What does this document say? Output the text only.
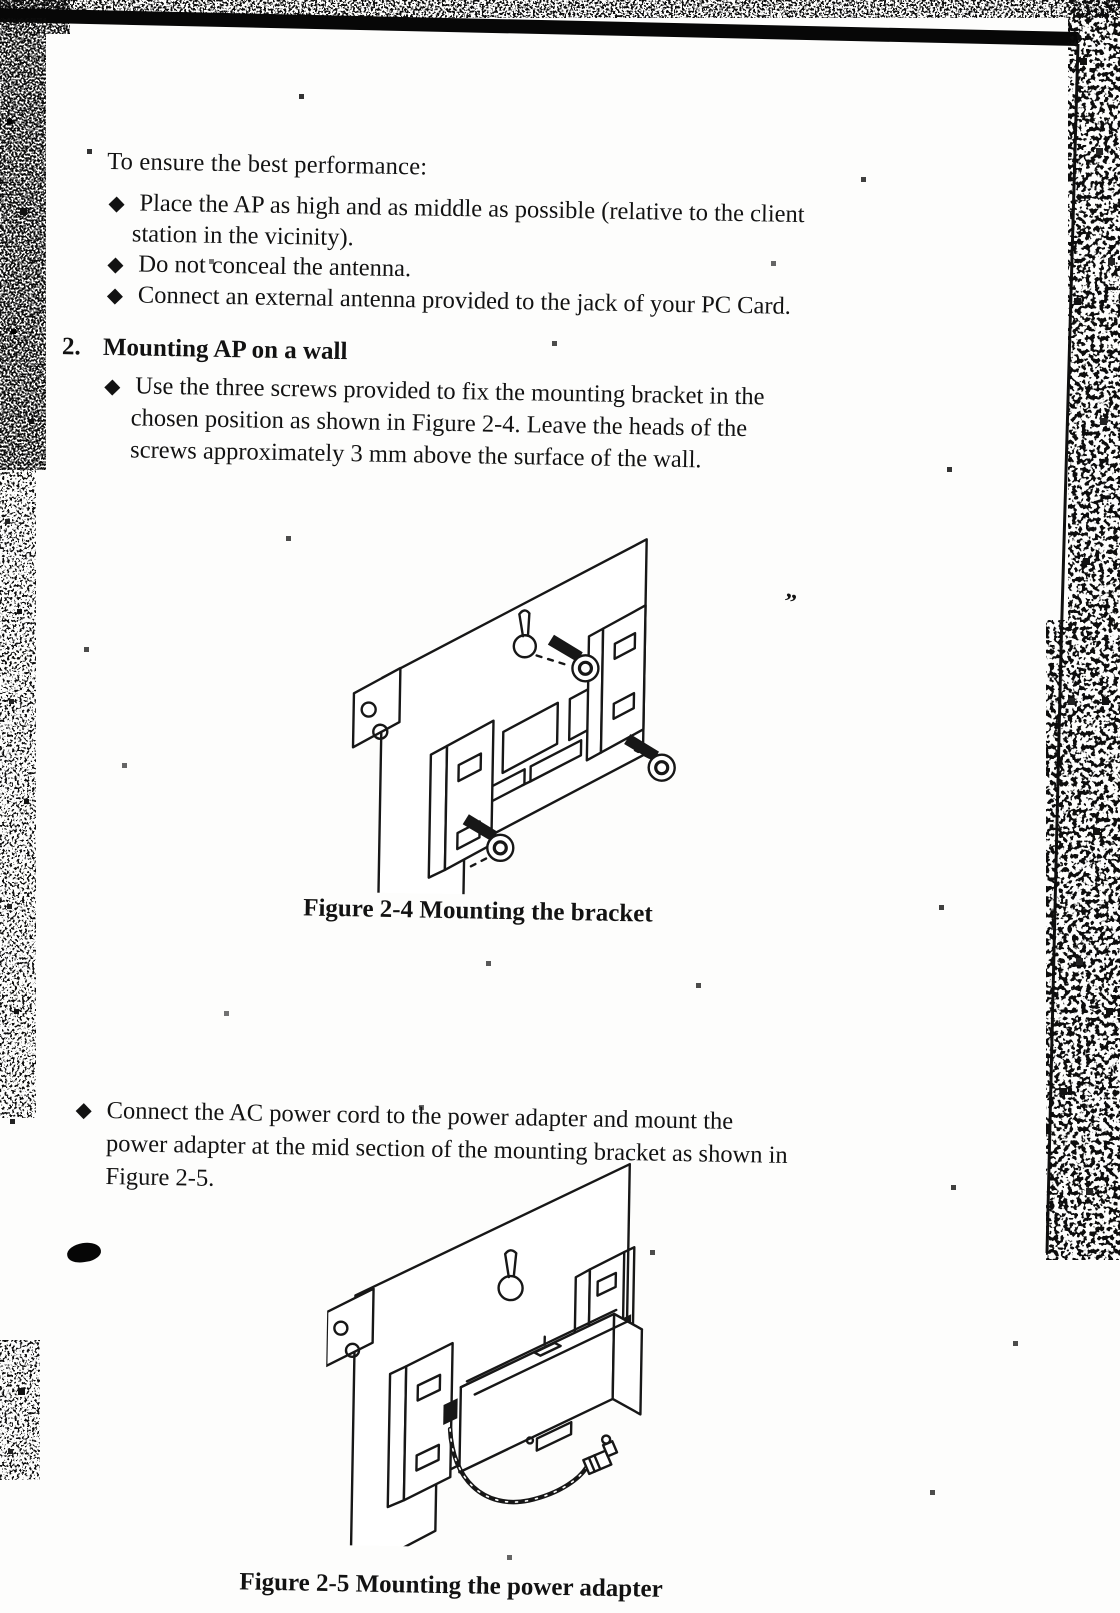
To ensure the best performance:
◆ Place the AP as high and as middle as possible (relative to the client
station in the vicinity).
◆ Do not conceal the antenna.
◆ Connect an external antenna provided to the jack of your PC Card.
2. Mounting AP on a wall
◆ Use the three screws provided to fix the mounting bracket in the
chosen position as shown in Figure 2-4. Leave the heads of the
screws approximately 3 mm above the surface of the wall.
Figure 2-4 Mounting the bracket
◆ Connect the AC power cord to the power adapter and mount the
power adapter at the mid section of the mounting bracket as shown in
Figure 2-5.
Figure 2-5 Mounting the power adapter
”
